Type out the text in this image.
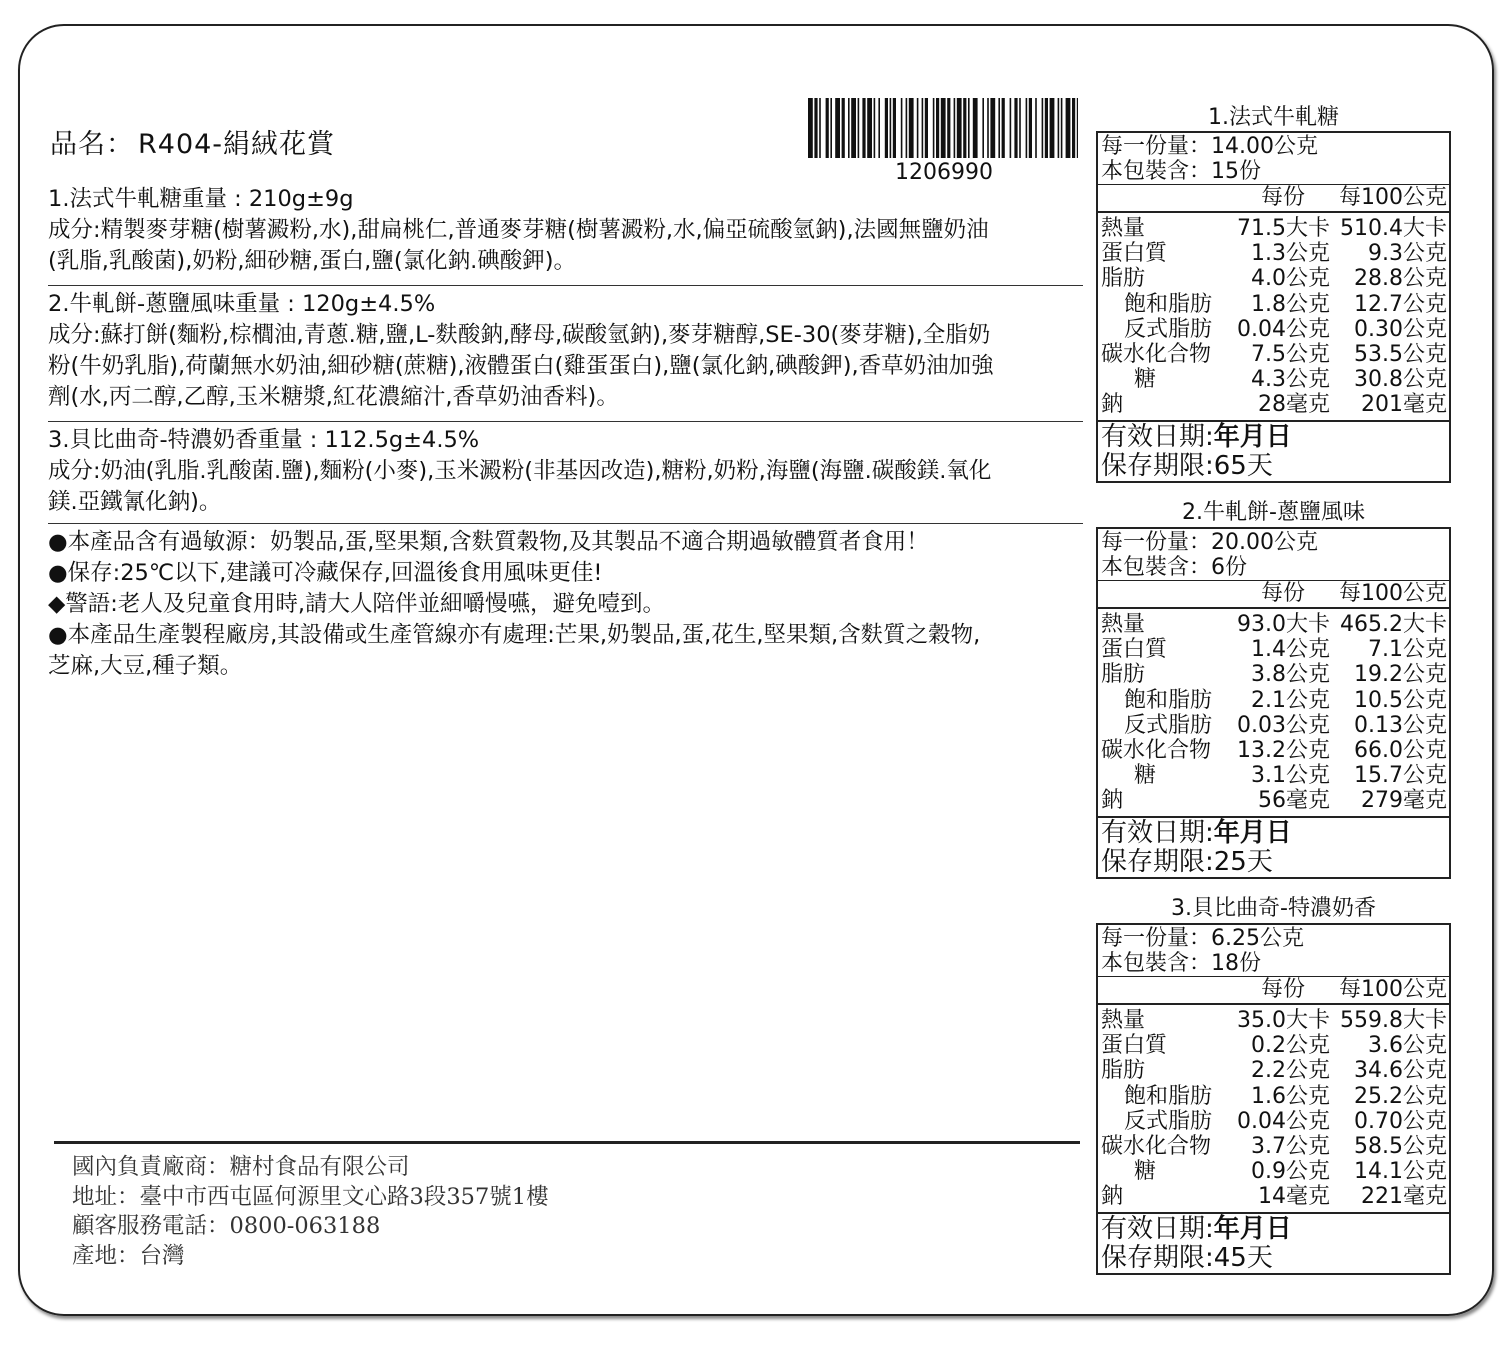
品名： R404-絹絨花賞
1206990
1.法式牛軋糖重量 : 210g±9g
成分:精製麥芽糖(樹薯澱粉,水),甜扁桃仁,普通麥芽糖(樹薯澱粉,水,偏亞硫酸氫鈉),法國無鹽奶油
(乳脂,乳酸菌),奶粉,細砂糖,蛋白,鹽(氯化鈉.碘酸鉀)。
2.牛軋餅-蔥鹽風味重量 : 120g±4.5%
成分:蘇打餅(麵粉,棕櫚油,青蔥.糖,鹽,L-麩酸鈉,酵母,碳酸氫鈉),麥芽糖醇,SE-30(麥芽糖),全脂奶
粉(牛奶乳脂),荷蘭無水奶油,細砂糖(蔗糖),液體蛋白(雞蛋蛋白),鹽(氯化鈉,碘酸鉀),香草奶油加強
劑(水,丙二醇,乙醇,玉米糖漿,紅花濃縮汁,香草奶油香料)。
3.貝比曲奇-特濃奶香重量 : 112.5g±4.5%
成分:奶油(乳脂.乳酸菌.鹽),麵粉(小麥),玉米澱粉(非基因改造),糖粉,奶粉,海鹽(海鹽.碳酸鎂.氧化
鎂.亞鐵氰化鈉)。
●本產品含有過敏源：奶製品,蛋,堅果類,含麩質穀物,及其製品不適合期過敏體質者食用！
●保存:25℃以下,建議可冷藏保存,回溫後食用風味更佳!
◆警語:老人及兒童食用時,請大人陪伴並細嚼慢嚥，避免噎到。
●本產品生產製程廠房,其設備或生產管線亦有處理:芒果,奶製品,蛋,花生,堅果類,含麩質之穀物,
芝麻,大豆,種子類。
國內負責廠商：糖村食品有限公司
地址：臺中市西屯區何源里文心路3段357號1樓
顧客服務電話：0800-063188
產地：台灣
1.法式牛軋糖
每一份量：14.00公克
本包裝含：15份
每份	每100公克
熱量	71.5大卡 510.4大卡
蛋白質	1.3公克	9.3公克
脂肪	4.0公克	28.8公克
飽和脂肪	1.8公克	12.7公克
反式脂肪	0.04公克	0.30公克
碳水化合物	7.5公克	53.5公克
糖	4.3公克	30.8公克
鈉	28毫克	201毫克
有效日期:年月日
保存期限:65天
2.牛軋餅-蔥鹽風味
每一份量：20.00公克
本包裝含：6份
每份	每100公克
熱量	93.0大卡 465.2大卡
蛋白質	1.4公克	7.1公克
脂肪	3.8公克	19.2公克
飽和脂肪	2.1公克	10.5公克
反式脂肪	0.03公克	0.13公克
碳水化合物	13.2公克	66.0公克
糖	3.1公克	15.7公克
鈉	56毫克	279毫克
有效日期:年月日
保存期限:25天
3.貝比曲奇-特濃奶香
每一份量：6.25公克
本包裝含：18份
每份	每100公克
熱量	35.0大卡 559.8大卡
蛋白質	0.2公克	3.6公克
脂肪	2.2公克	34.6公克
飽和脂肪	1.6公克	25.2公克
反式脂肪	0.04公克	0.70公克
碳水化合物	3.7公克	58.5公克
糖	0.9公克	14.1公克
鈉	14毫克	221毫克
有效日期:年月日
保存期限:45天
